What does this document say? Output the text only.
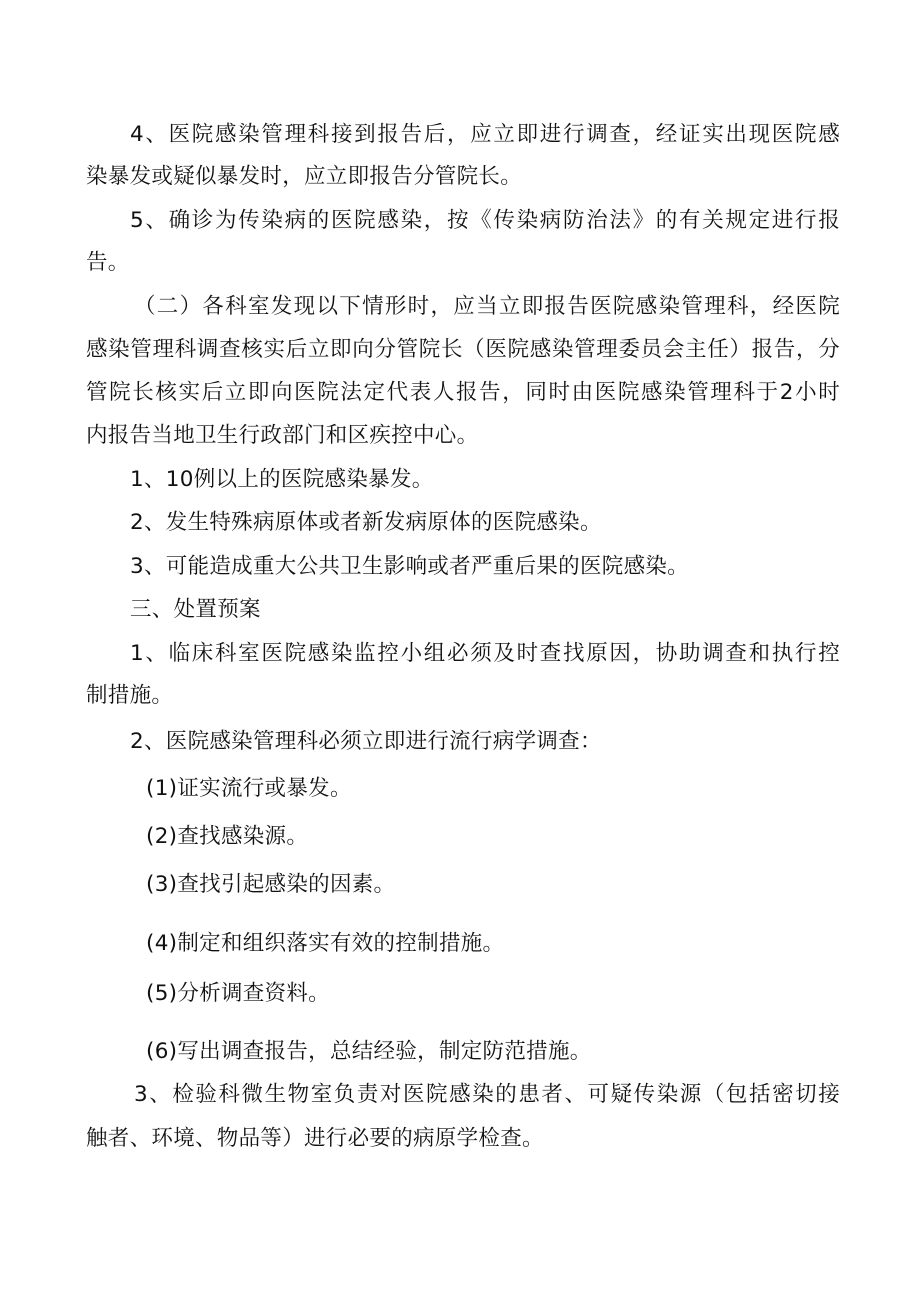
4、医院感染管理科接到报告后，应立即进行调查，经证实出现医院感
染暴发或疑似暴发时，应立即报告分管院长。
5、确诊为传染病的医院感染，按《传染病防治法》的有关规定进行报
告。
（二）各科室发现以下情形时，应当立即报告医院感染管理科，经医院
感染管理科调查核实后立即向分管院长（医院感染管理委员会主任）报告，分
管院长核实后立即向医院法定代表人报告，同时由医院感染管理科于2小时
内报告当地卫生行政部门和区疾控中心。
1、10例以上的医院感染暴发。
2、发生特殊病原体或者新发病原体的医院感染。
3、可能造成重大公共卫生影响或者严重后果的医院感染。
三、处置预案
1、临床科室医院感染监控小组必须及时查找原因，协助调查和执行控
制措施。
2、医院感染管理科必须立即进行流行病学调查：
(1)证实流行或暴发。
(2)查找感染源。
(3)查找引起感染的因素。
(4)制定和组织落实有效的控制措施。
(5)分析调查资料。
(6)写出调查报告，总结经验，制定防范措施。
3、检验科微生物室负责对医院感染的患者、可疑传染源（包括密切接
触者、环境、物品等）进行必要的病原学检查。
